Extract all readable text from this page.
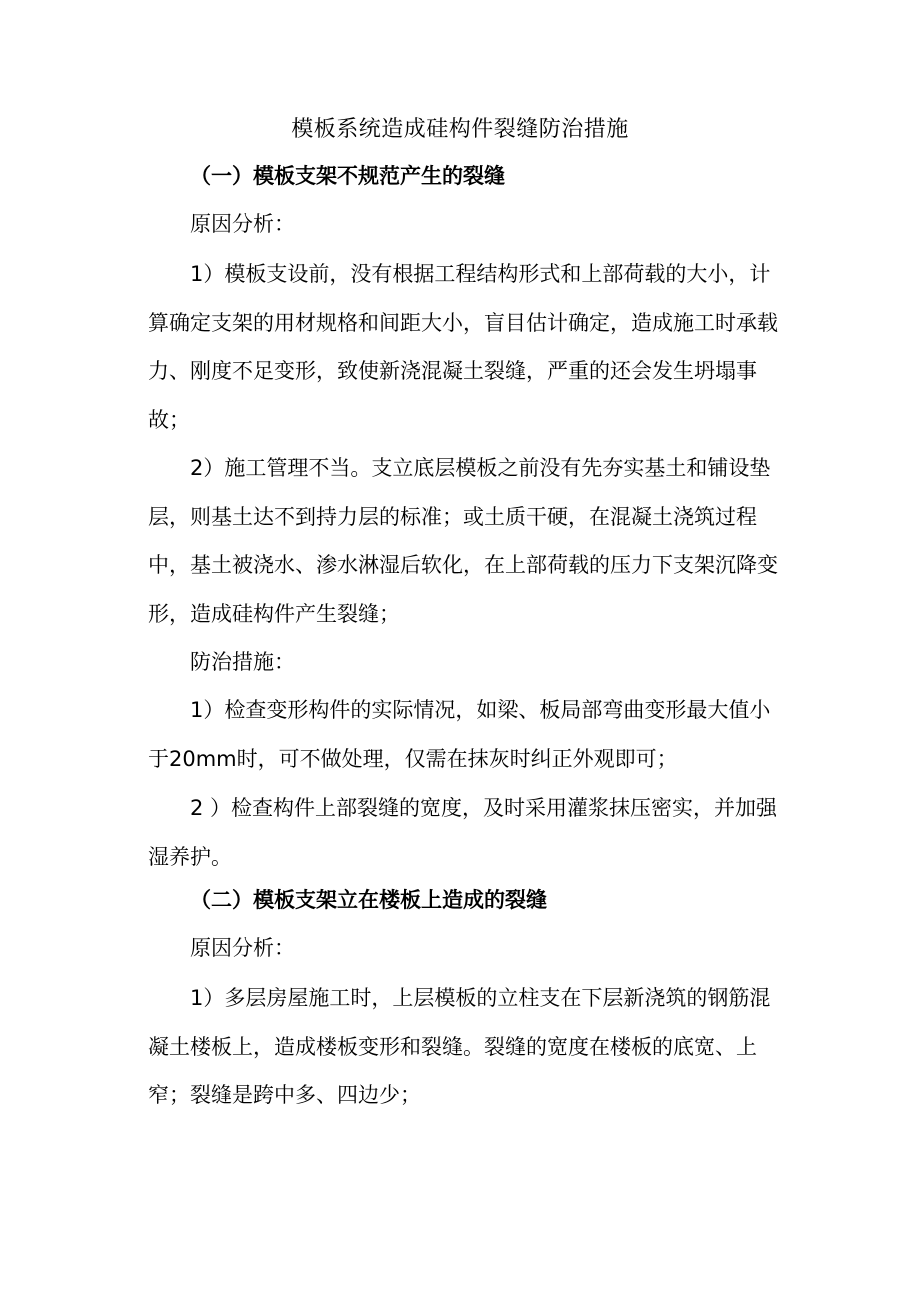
模板系统造成硅构件裂缝防治措施
（一）模板支架不规范产生的裂缝
原因分析：

1）模板支设前，没有根据工程结构形式和上部荷载的大小，计算确定支架的用材规格和间距大小，盲目估计确定，造成施工时承载力、刚度不足变形，致使新浇混凝土裂缝，严重的还会发生坍塌事故；

2）施工管理不当。支立底层模板之前没有先夯实基土和铺设垫层，则基土达不到持力层的标准；或土质干硬，在混凝土浇筑过程中，基土被浇水、渗水淋湿后软化，在上部荷载的压力下支架沉降变形，造成硅构件产生裂缝；

防治措施：

1）检查变形构件的实际情况，如梁、板局部弯曲变形最大值小于20mm时，可不做处理，仅需在抹灰时纠正外观即可；

2 ）检查构件上部裂缝的宽度，及时采用灌浆抹压密实，并加强湿养护。

（二）模板支架立在楼板上造成的裂缝
原因分析：

1）多层房屋施工时，上层模板的立柱支在下层新浇筑的钢筋混凝土楼板上，造成楼板变形和裂缝。裂缝的宽度在楼板的底宽、上窄；裂缝是跨中多、四边少；
